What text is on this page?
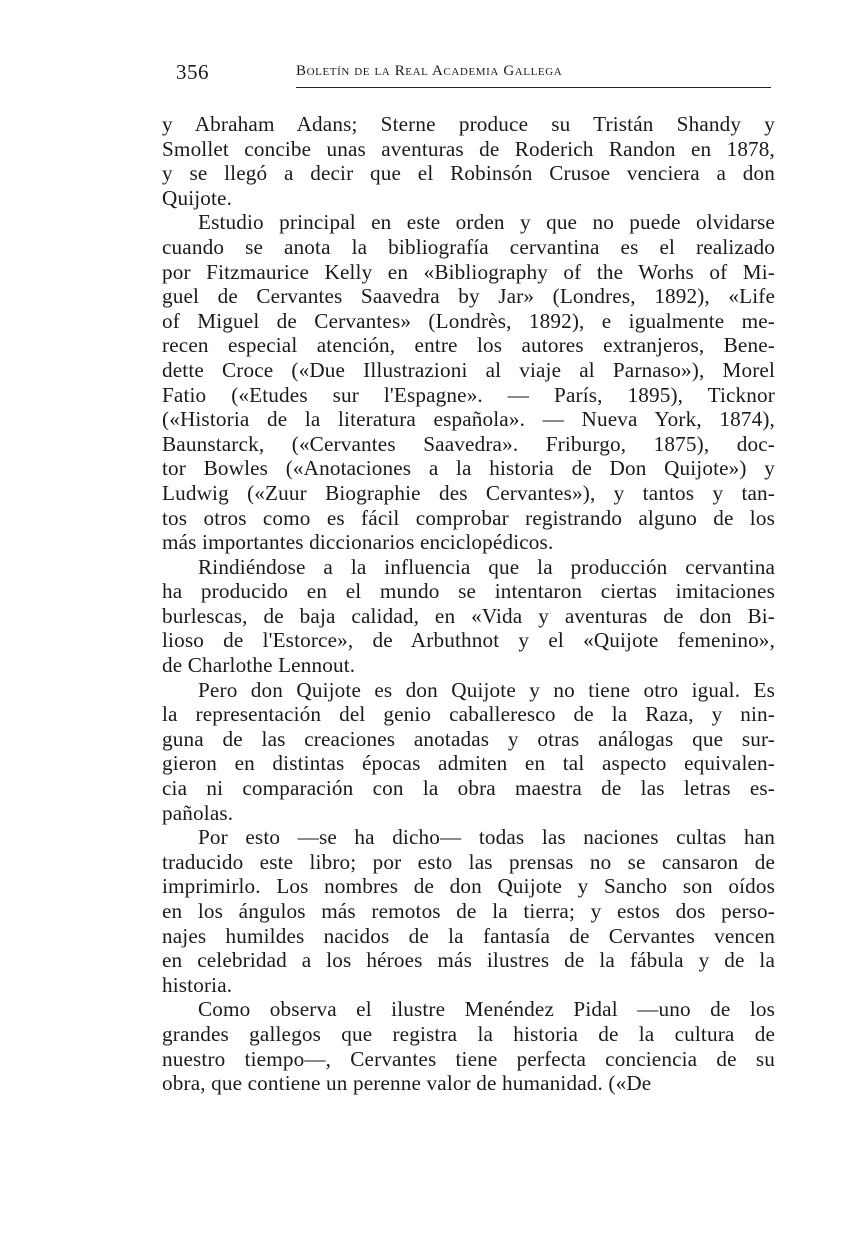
356	Boletín de la Real Academia Gallega
y Abraham Adans; Sterne produce su Tristán Shandy y
Smollet concibe unas aventuras de Roderich Randon en 1878,
y se llegó a decir que el Robinsón Crusoe venciera a don
Quijote.
Estudio principal en este orden y que no puede olvidarse
cuando se anota la bibliografía cervantina es el realizado
por Fitzmaurice Kelly en «Bibliography of the Worhs of Mi-
guel de Cervantes Saavedra by Jar» (Londres, 1892), «Life
of Miguel de Cervantes» (Londrès, 1892), e igualmente me-
recen especial atención, entre los autores extranjeros, Bene-
dette Croce («Due Illustrazioni al viaje al Parnaso»), Morel
Fatio («Etudes sur l'Espagne». — París, 1895), Ticknor
(«Historia de la literatura española». — Nueva York, 1874),
Baunstarck, («Cervantes Saavedra». Friburgo, 1875), doc-
tor Bowles («Anotaciones a la historia de Don Quijote») y
Ludwig («Zuur Biographie des Cervantes»), y tantos y tan-
tos otros como es fácil comprobar registrando alguno de los
más importantes diccionarios enciclopédicos.
Rindiéndose a la influencia que la producción cervantina
ha producido en el mundo se intentaron ciertas imitaciones
burlescas, de baja calidad, en «Vida y aventuras de don Bi-
lioso de l'Estorce», de Arbuthnot y el «Quijote femenino»,
de Charlothe Lennout.
Pero don Quijote es don Quijote y no tiene otro igual. Es
la representación del genio caballeresco de la Raza, y nin-
guna de las creaciones anotadas y otras análogas que sur-
gieron en distintas épocas admiten en tal aspecto equivalen-
cia ni comparación con la obra maestra de las letras es-
pañolas.
Por esto —se ha dicho— todas las naciones cultas han
traducido este libro; por esto las prensas no se cansaron de
imprimirlo. Los nombres de don Quijote y Sancho son oídos
en los ángulos más remotos de la tierra; y estos dos perso-
najes humildes nacidos de la fantasía de Cervantes vencen
en celebridad a los héroes más ilustres de la fábula y de la
historia.
Como observa el ilustre Menéndez Pidal —uno de los
grandes gallegos que registra la historia de la cultura de
nuestro tiempo—, Cervantes tiene perfecta conciencia de su
obra, que contiene un perenne valor de humanidad. («De
